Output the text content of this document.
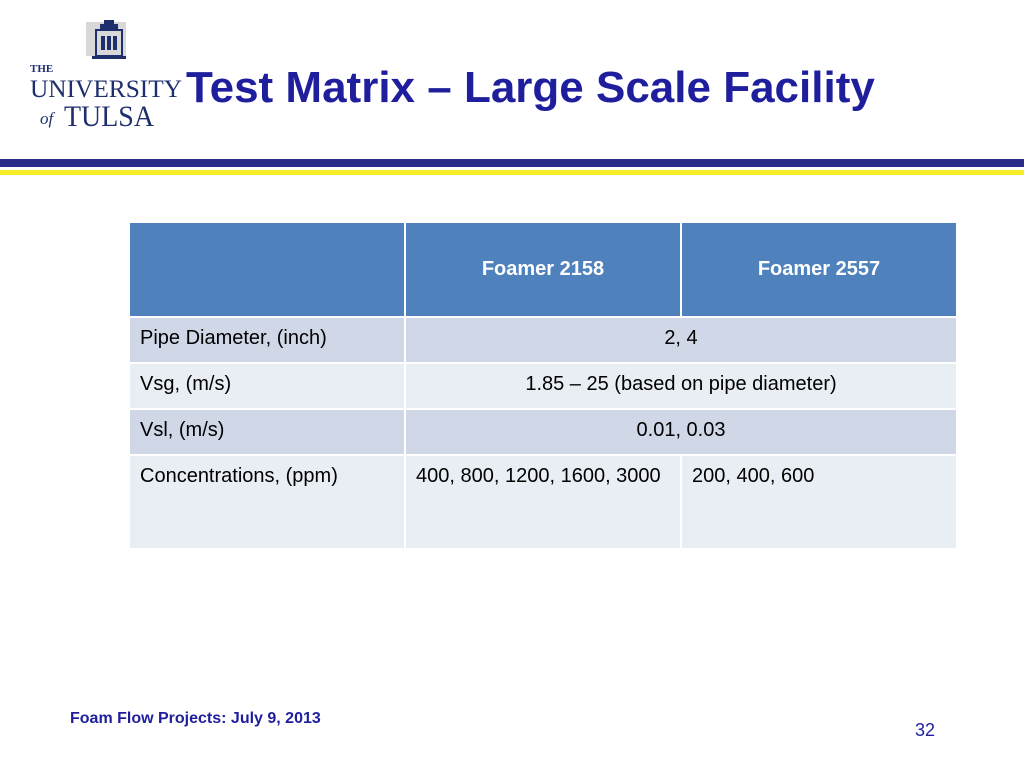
THE
UNIVERSITY
of TULSA
Test Matrix – Large Scale Facility
	Foamer 2158	Foamer 2557
Pipe Diameter, (inch)	2, 4	
Vsg, (m/s)	1.85 – 25 (based on pipe diameter)	
Vsl, (m/s)	0.01, 0.03	
Concentrations, (ppm)	400, 800, 1200, 1600, 3000	200, 400, 600
Foam Flow Projects: July 9, 2013
32
